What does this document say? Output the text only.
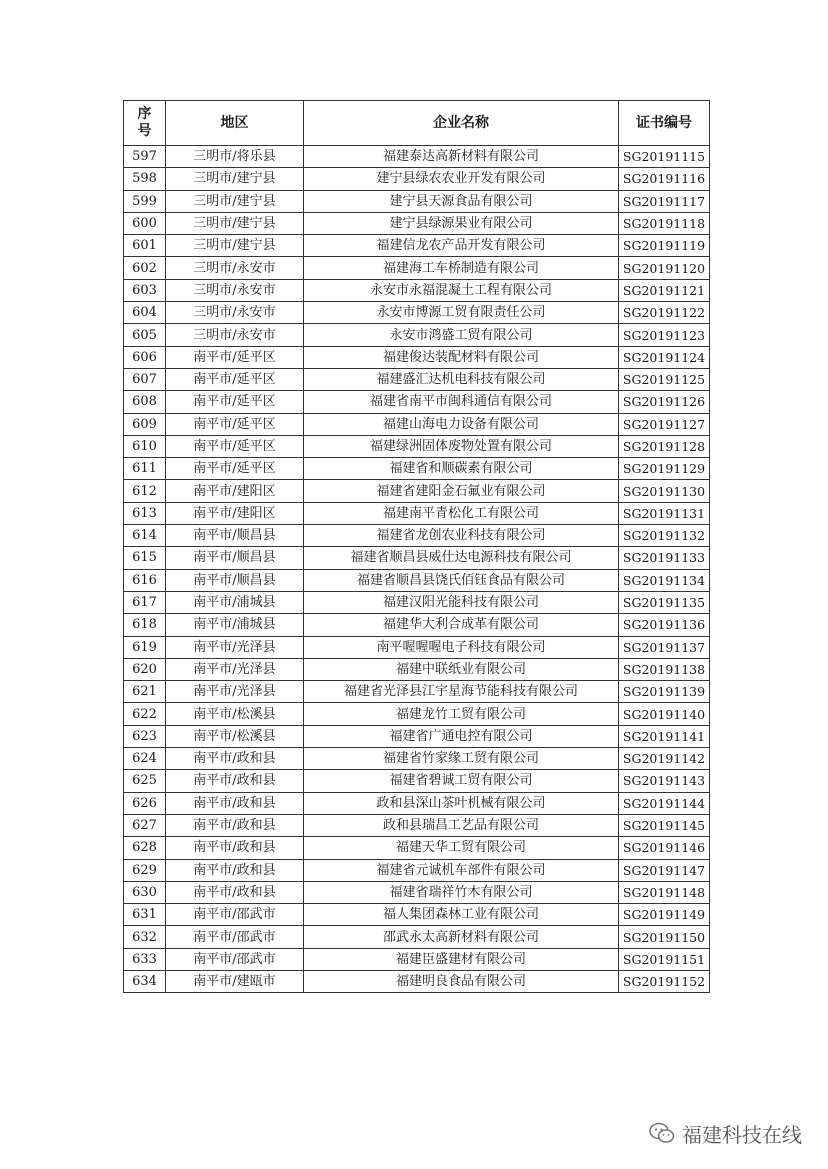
序
号	地区	企业名称	证书编号
597	三明市/将乐县	福建泰达高新材料有限公司	SG20191115
598	三明市/建宁县	建宁县绿农农业开发有限公司	SG20191116
599	三明市/建宁县	建宁县天源食品有限公司	SG20191117
600	三明市/建宁县	建宁县绿源果业有限公司	SG20191118
601	三明市/建宁县	福建信龙农产品开发有限公司	SG20191119
602	三明市/永安市	福建海工车桥制造有限公司	SG20191120
603	三明市/永安市	永安市永福混凝土工程有限公司	SG20191121
604	三明市/永安市	永安市博源工贸有限责任公司	SG20191122
605	三明市/永安市	永安市鸿盛工贸有限公司	SG20191123
606	南平市/延平区	福建俊达装配材料有限公司	SG20191124
607	南平市/延平区	福建盛汇达机电科技有限公司	SG20191125
608	南平市/延平区	福建省南平市闽科通信有限公司	SG20191126
609	南平市/延平区	福建山海电力设备有限公司	SG20191127
610	南平市/延平区	福建绿洲固体废物处置有限公司	SG20191128
611	南平市/延平区	福建省和顺碳素有限公司	SG20191129
612	南平市/建阳区	福建省建阳金石氟业有限公司	SG20191130
613	南平市/建阳区	福建南平青松化工有限公司	SG20191131
614	南平市/顺昌县	福建省龙创农业科技有限公司	SG20191132
615	南平市/顺昌县	福建省顺昌县威仕达电源科技有限公司	SG20191133
616	南平市/顺昌县	福建省顺昌县饶氏佰钰食品有限公司	SG20191134
617	南平市/浦城县	福建汉阳光能科技有限公司	SG20191135
618	南平市/浦城县	福建华大利合成革有限公司	SG20191136
619	南平市/光泽县	南平喔喔喔电子科技有限公司	SG20191137
620	南平市/光泽县	福建中联纸业有限公司	SG20191138
621	南平市/光泽县	福建省光泽县江宇星海节能科技有限公司	SG20191139
622	南平市/松溪县	福建龙竹工贸有限公司	SG20191140
623	南平市/松溪县	福建省广通电控有限公司	SG20191141
624	南平市/政和县	福建省竹家缘工贸有限公司	SG20191142
625	南平市/政和县	福建省碧诚工贸有限公司	SG20191143
626	南平市/政和县	政和县深山茶叶机械有限公司	SG20191144
627	南平市/政和县	政和县瑞昌工艺品有限公司	SG20191145
628	南平市/政和县	福建天华工贸有限公司	SG20191146
629	南平市/政和县	福建省元诚机车部件有限公司	SG20191147
630	南平市/政和县	福建省瑞祥竹木有限公司	SG20191148
631	南平市/邵武市	福人集团森林工业有限公司	SG20191149
632	南平市/邵武市	邵武永太高新材料有限公司	SG20191150
633	南平市/邵武市	福建臣盛建材有限公司	SG20191151
634	南平市/建瓯市	福建明良食品有限公司	SG20191152
福建科技在线
